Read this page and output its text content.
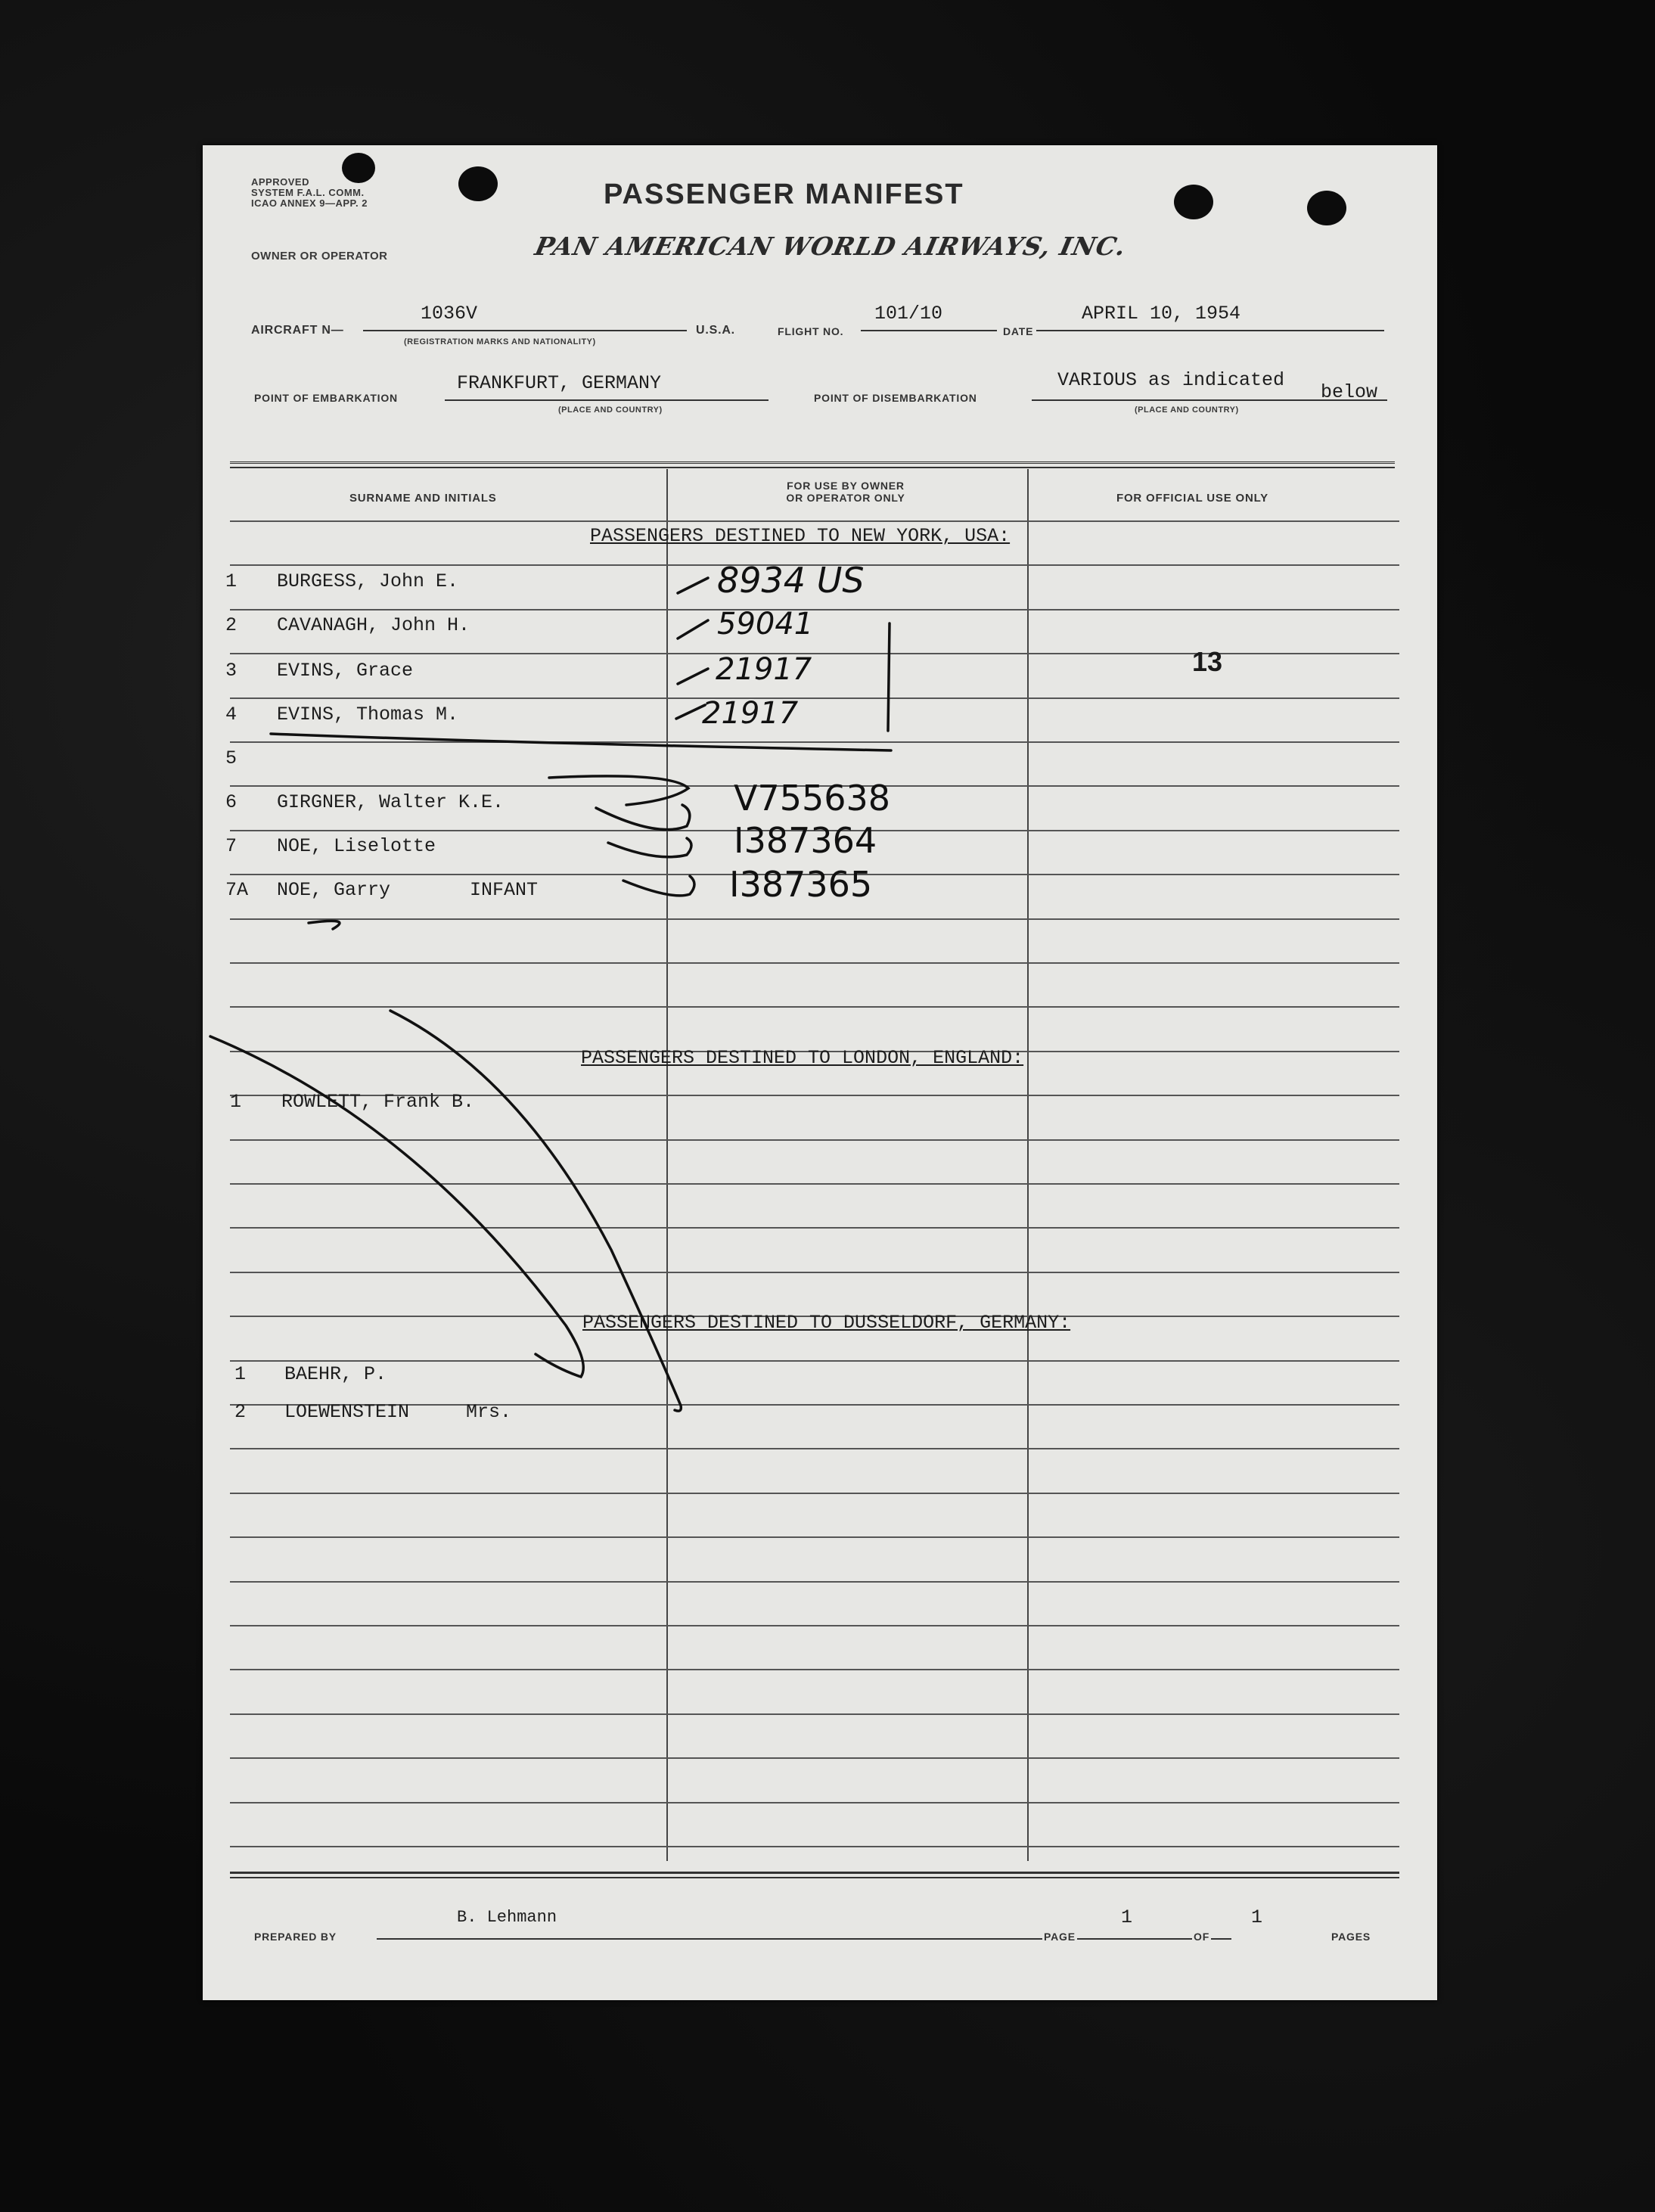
APPROVED
SYSTEM F.A.L. COMM.
ICAO ANNEX 9—APP. 2
OWNER OR OPERATOR
PASSENGER MANIFEST
PAN AMERICAN WORLD AIRWAYS, INC.
AIRCRAFT N—
1036V
(REGISTRATION MARKS AND NATIONALITY)
U.S.A.	FLIGHT NO.
101/10
DATE
APRIL 10, 1954
POINT OF EMBARKATION
FRANKFURT, GERMANY
(PLACE AND COUNTRY)
POINT OF DISEMBARKATION
VARIOUS as indicated
below
(PLACE AND COUNTRY)
SURNAME AND INITIALS
FOR USE BY OWNER
OR OPERATOR ONLY	FOR OFFICIAL USE ONLY
PASSENGERS DESTINED TO NEW YORK, USA:
PASSENGERS DESTINED TO LONDON, ENGLAND:
PASSENGERS DESTINED TO DUSSELDORF, GERMANY:
1 BURGESS, John E.
2 CAVANAGH, John H.
3 EVINS, Grace
4 EVINS, Thomas M.
5
6 GIRGNER, Walter K.E.
7 NOE, Liselotte
7A NOE, Garry       INFANT
8934 US
59041
21917
21917
V755638
I387364
I387365
13
1 ROWLETT, Frank B.
1 BAEHR, P.
2 LOEWENSTEIN     Mrs.
PREPARED BY
B. Lehmann
PAGE
1
OF
1
PAGES
